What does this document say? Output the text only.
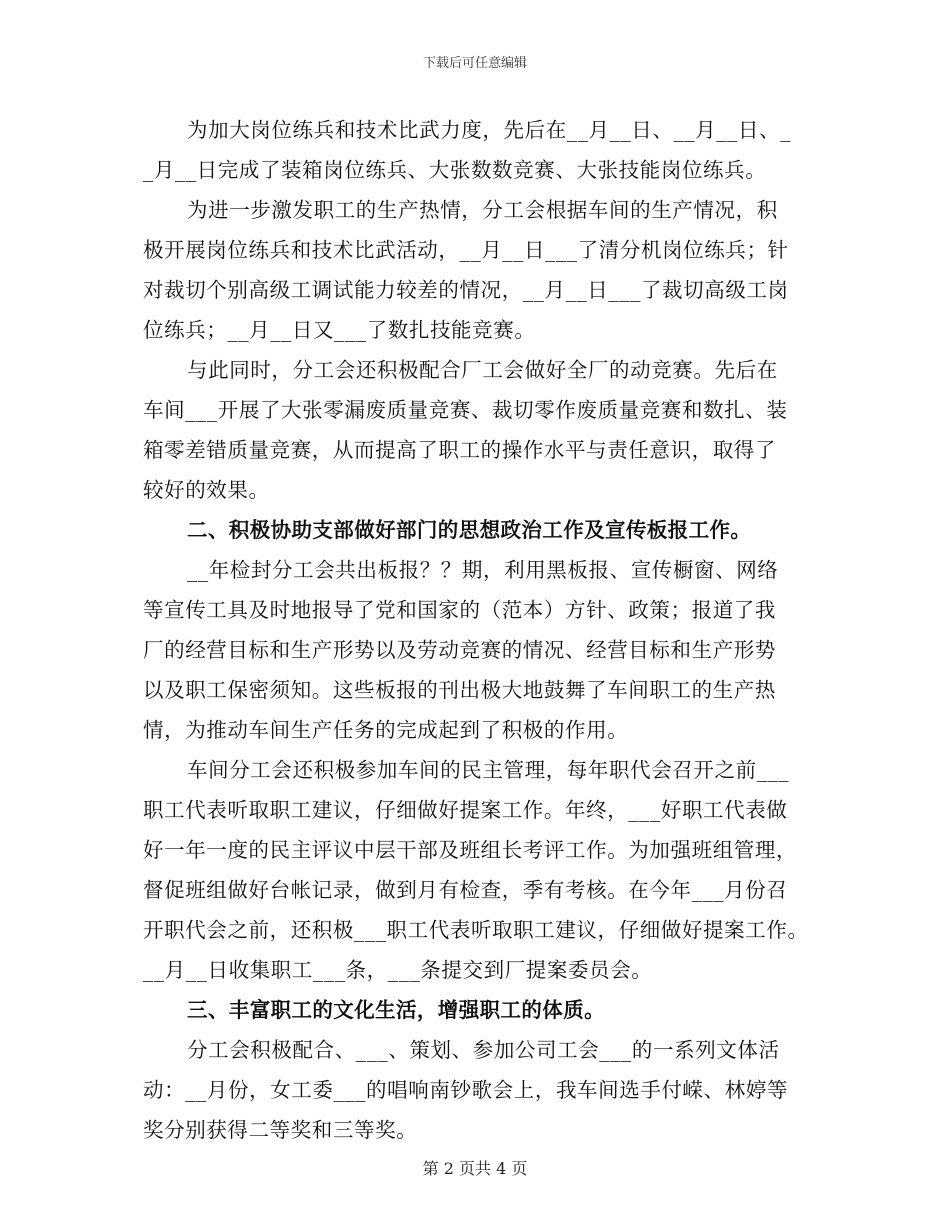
下载后可任意编辑
为加大岗位练兵和技术比武力度，先后在__月__日、__月__日、_
_月__日完成了装箱岗位练兵、大张数数竞赛、大张技能岗位练兵。
为进一步激发职工的生产热情，分工会根据车间的生产情况，积
极开展岗位练兵和技术比武活动，__月__日___了清分机岗位练兵；针
对裁切个别高级工调试能力较差的情况，__月__日___了裁切高级工岗
位练兵；__月__日又___了数扎技能竞赛。
与此同时，分工会还积极配合厂工会做好全厂的动竞赛。先后在
车间___开展了大张零漏废质量竞赛、裁切零作废质量竞赛和数扎、装
箱零差错质量竞赛，从而提高了职工的操作水平与责任意识，取得了
较好的效果。
二、积极协助支部做好部门的思想政治工作及宣传板报工作。
__年检封分工会共出板报？？期，利用黑板报、宣传橱窗、网络
等宣传工具及时地报导了党和国家的（范本）方针、政策；报道了我
厂的经营目标和生产形势以及劳动竞赛的情况、经营目标和生产形势
以及职工保密须知。这些板报的刊出极大地鼓舞了车间职工的生产热
情，为推动车间生产任务的完成起到了积极的作用。
车间分工会还积极参加车间的民主管理，每年职代会召开之前___
职工代表听取职工建议，仔细做好提案工作。年终，___好职工代表做
好一年一度的民主评议中层干部及班组长考评工作。为加强班组管理，
督促班组做好台帐记录，做到月有检查，季有考核。在今年___月份召
开职代会之前，还积极___职工代表听取职工建议，仔细做好提案工作。
__月__日收集职工___条，___条提交到厂提案委员会。
三、丰富职工的文化生活，增强职工的体质。
分工会积极配合、___、策划、参加公司工会___的一系列文体活
动：__月份，女工委___的唱响南钞歌会上，我车间选手付嵘、林婷等
奖分别获得二等奖和三等奖。
第 2 页共 4 页
